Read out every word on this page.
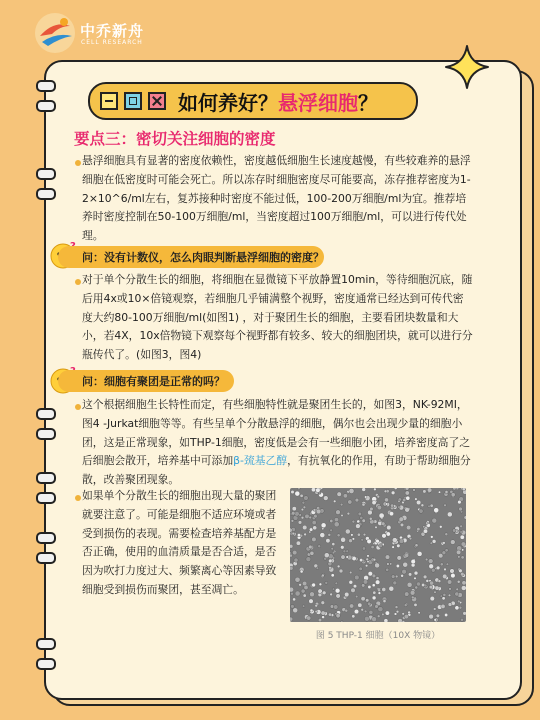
中乔新舟
CELL RESEARCH
如何养好？悬浮细胞？
要点三：密切关注细胞的密度
悬浮细胞具有显著的密度依赖性，密度越低细胞生长速度越慢，有些较难养的悬浮细胞在低密度时可能会死亡。所以冻存时细胞密度尽可能要高，冻存推荐密度为1-2×10^6/ml左右，复苏接种时密度不能过低，100-200万细胞/ml为宜。推荐培养时密度控制在50-100万细胞/ml，当密度超过100万细胞/ml，可以进行传代处理。
问：没有计数仪，怎么肉眼判断悬浮细胞的密度？
对于单个分散生长的细胞，将细胞在显微镜下平放静置10min，等待细胞沉底，随后用4x或10×倍镜观察，若细胞几乎铺满整个视野，密度通常已经达到可传代密度大约80-100万细胞/ml(如图1) ，对于聚团生长的细胞，主要看团块数量和大小，若4X，10x倍物镜下观察每个视野都有较多、较大的细胞团块，就可以进行分瓶传代了。(如图3，图4)
问：细胞有聚团是正常的吗？
这个根据细胞生长特性而定，有些细胞特性就是聚团生长的，如图3，NK-92MI，图4 -Jurkat细胞等等。有些呈单个分散悬浮的细胞，偶尔也会出现少量的细胞小团，这是正常现象，如THP-1细胞，密度低是会有一些细胞小团，培养密度高了之后细胞会散开，培养基中可添加β-巯基乙醇，有抗氧化的作用，有助于帮助细胞分散，改善聚团现象。
如果单个分散生长的细胞出现大量的聚团就要注意了。可能是细胞不适应环境或者受到损伤的表现。需要检查培养基配方是否正确，使用的血清质量是否合适，是否因为吹打力度过大、频繁离心等因素导致细胞受到损伤而聚团，甚至凋亡。
图 5 THP-1 细胞（10X 物镜）
